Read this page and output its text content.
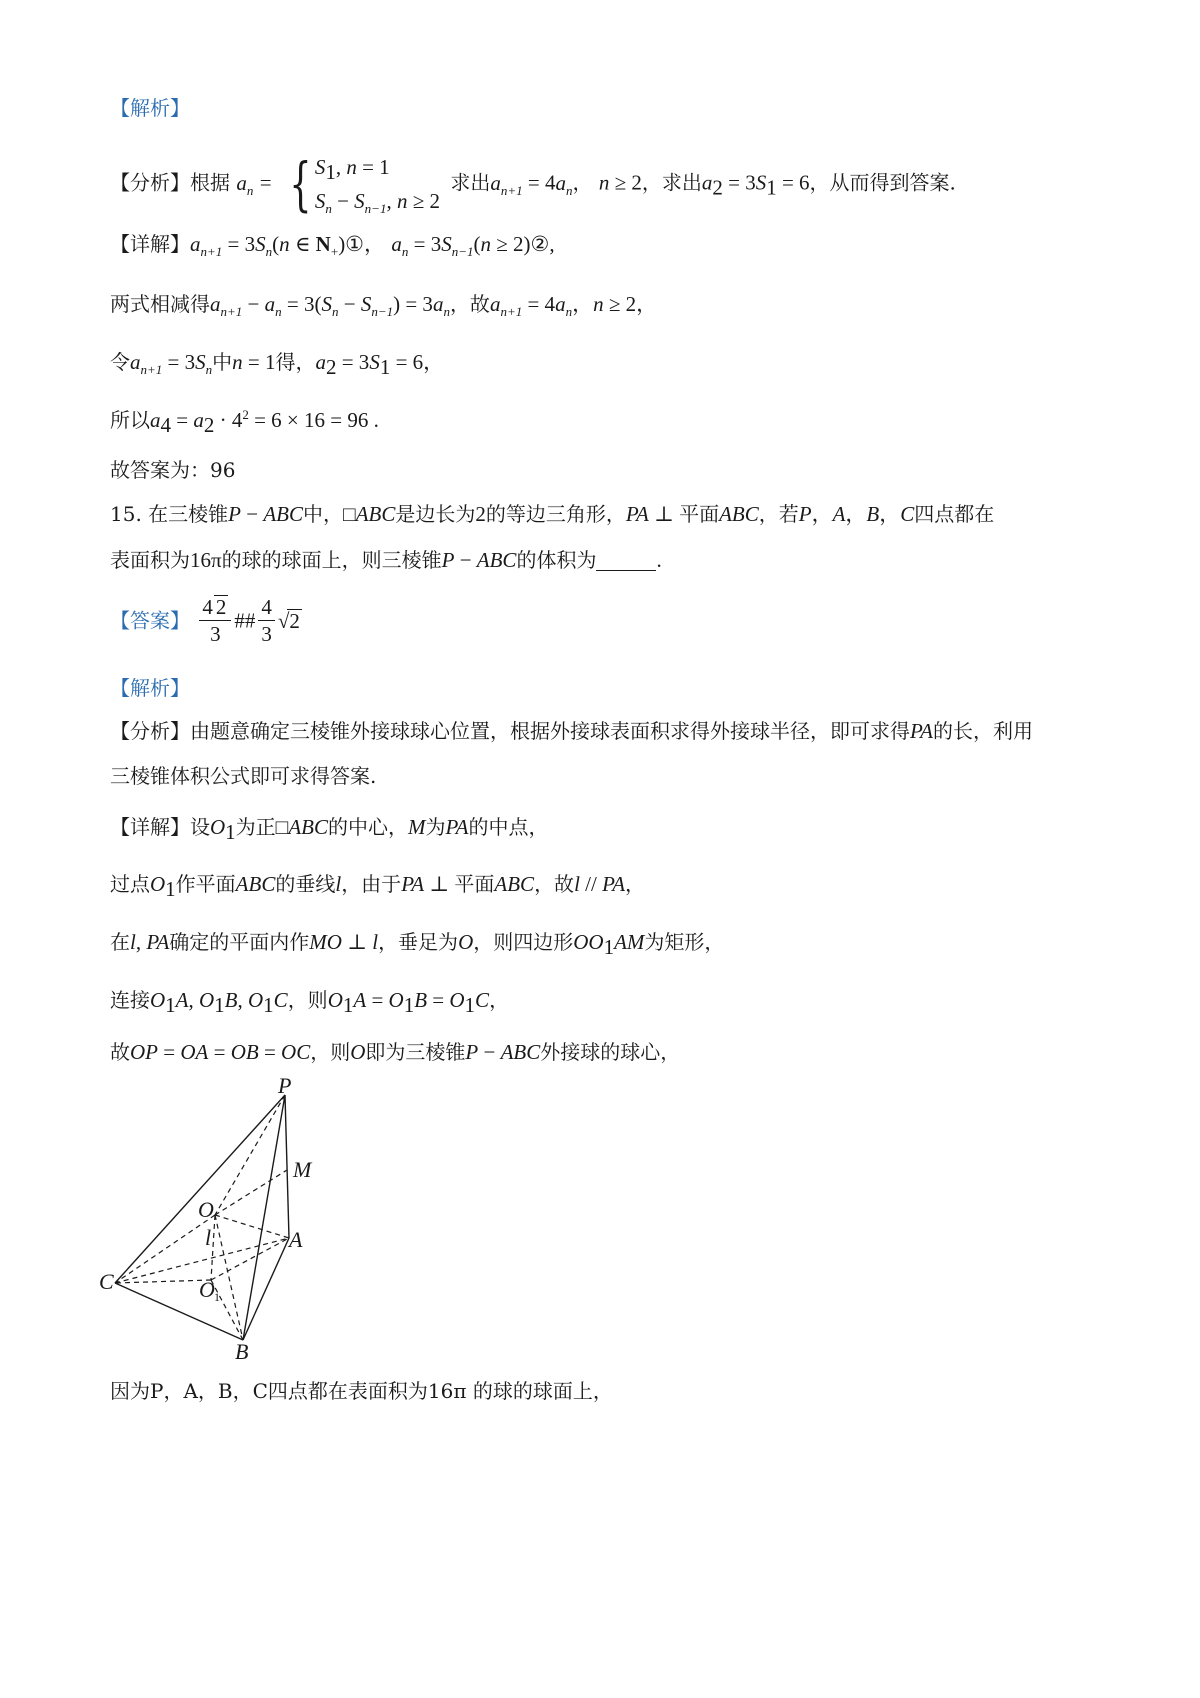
【解析】
【分析】根据 $a_n$ = { $S_1$, n = 1
$S_n - S_{n-1}$, n ≥ 2 求出$a_{n+1} = 4a_n$， n ≥ 2，求出$a_2 = 3S_1 = 6$，从而得到答案.
【详解】$a_{n+1} = 3S_n(n$ ∈ $N_+)①$， $a_n = 3S_{n-1}(n$ ≥ 2)②,
两式相减得$a_{n+1} - a_n = 3(S_n - S_{n-1}) = 3a_n$，故$a_{n+1} = 4a_n$，n ≥ 2，
令$a_{n+1} = 3S_n$中n = 1得，$a_2 = 3S_1 = 6$，
所以$a_4 = a_2 \cdot 4^2 = 6 \times 16 = 96$ .
故答案为：96
15. 在三棱锥P − ABC中，□ABC是边长为2的等边三角形，PA ⊥ 平面ABC，若P，A，B，C四点都在
表面积为16π的球的球面上，则三棱锥P − ABC的体积为	.
【答案】 $\frac{4 2}{3}$ ## $\frac{4}{3} √2$
【解析】
【分析】由题意确定三棱锥外接球球心位置，根据外接球表面积求得外接球半径，即可求得PA的长，利用
三棱锥体积公式即可求得答案.
【详解】设$O_1$为正□ABC的中心，M为PA的中点，
过点$O_1$作平面ABC的垂线l，由于PA ⊥ 平面ABC，故l // PA，
在l, PA确定的平面内作MO ⊥ l，垂足为O，则四边形$OO_1AM$为矩形，
连接$O_1A$, $O_1B$, $O_1C$，则$O_1A = O_1B = O_1C$，
故OP = OA = OB = OC，则O即为三棱锥P − ABC外接球的球心，
P
M
O
l	A
C	O 1
B
因为P，A，B，C四点都在表面积为16π 的球的球面上，
